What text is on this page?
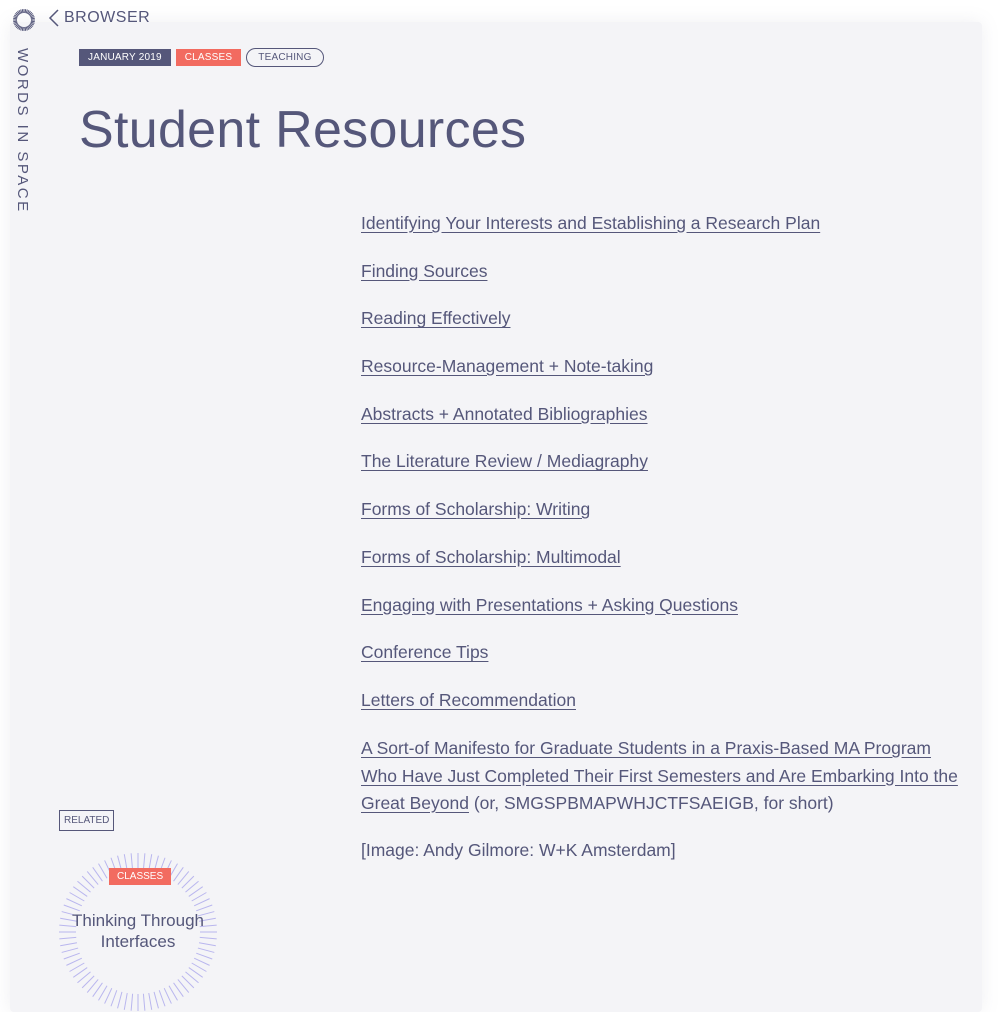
BROWSER
WORDS IN SPACE	JANUARY 2019	CLASSES	TEACHING
Student Resources
Identifying Your Interests and Establishing a Research Plan
Finding Sources
Reading Effectively
Resource-Management + Note-taking
Abstracts + Annotated Bibliographies
The Literature Review / Mediagraphy
Forms of Scholarship: Writing
Forms of Scholarship: Multimodal
Engaging with Presentations + Asking Questions
Conference Tips
Letters of Recommendation

A Sort-of Manifesto for Graduate Students in a Praxis-Based MA Program Who Have Just Completed Their First Semesters and Are Embarking Into the Great Beyond (or, SMGSPBMAPWHJCTFSAEIGB, for short)

[Image: Andy Gilmore: W+K Amsterdam]

RELATED
CLASSES
Thinking Through Interfaces
